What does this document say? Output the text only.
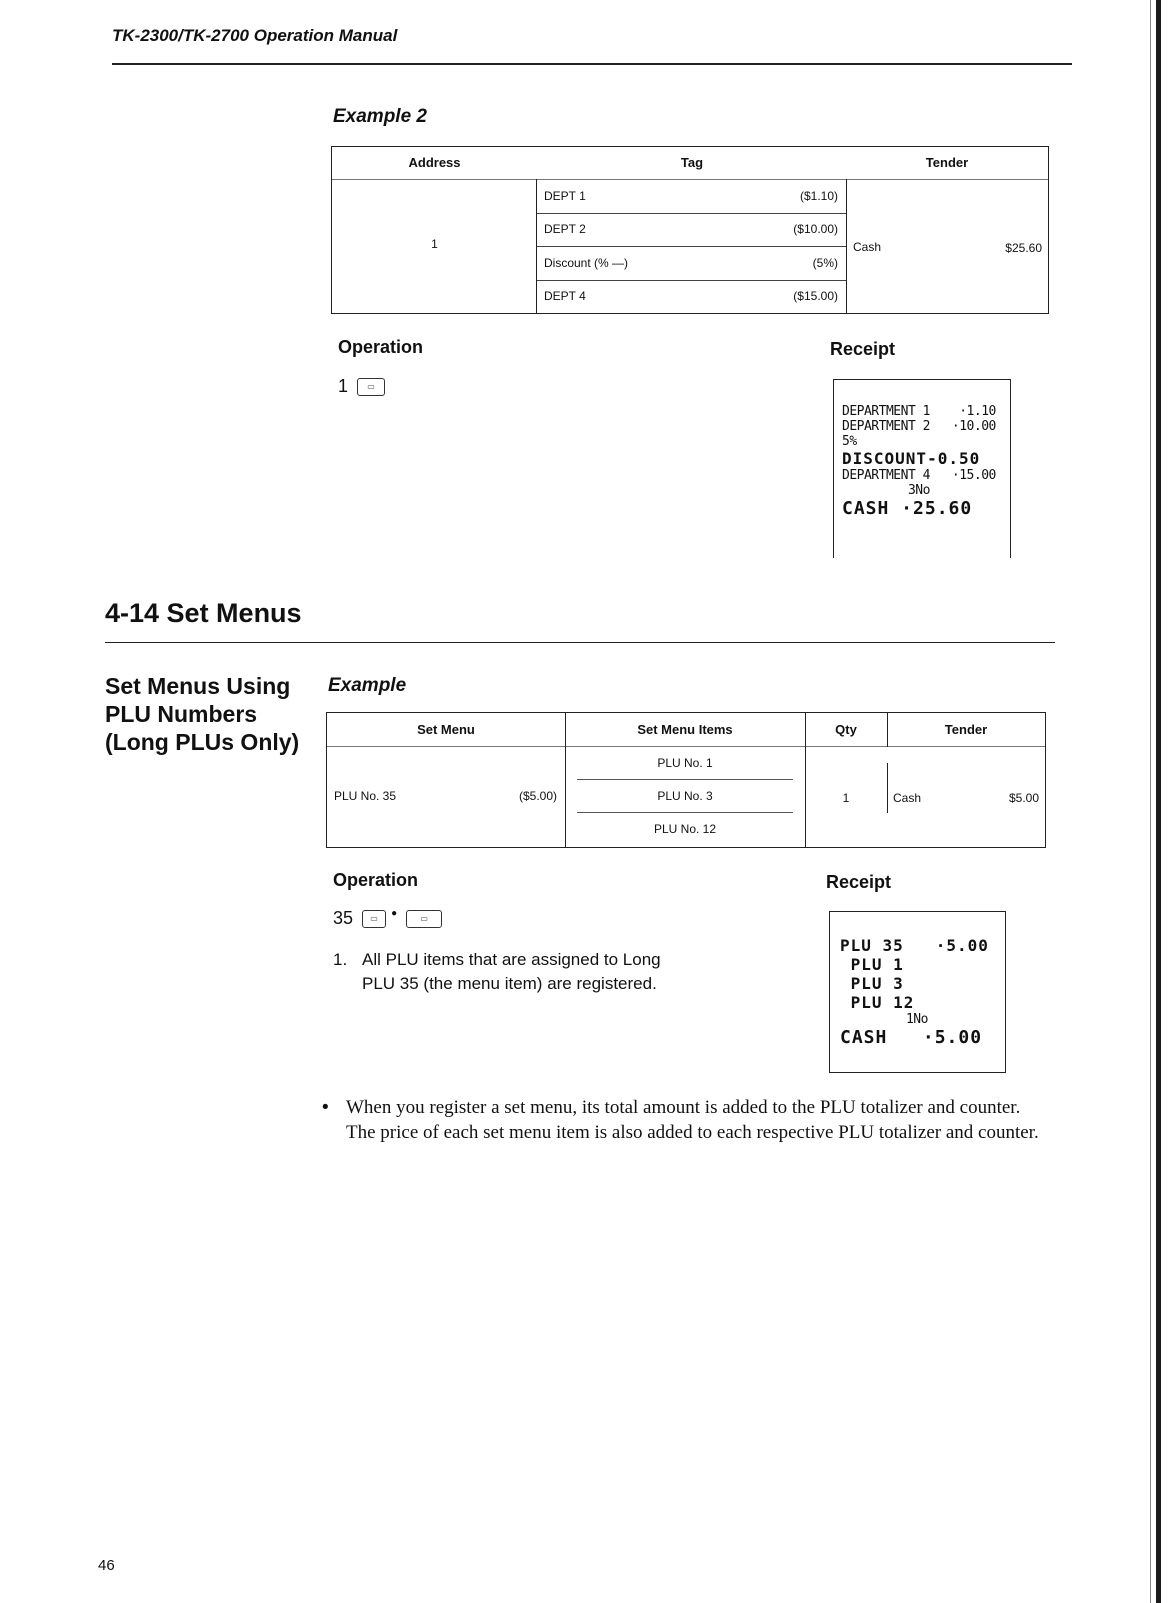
TK-2300/TK-2700 Operation Manual
Example 2
Address	Tag	Tender
1
DEPT 1	($1.10)
DEPT 2	($10.00)
Discount (% —)	(5%)
DEPT 4	($15.00)
Cash	$25.60
Operation
1 ▭
Receipt
DEPARTMENT 1    ·1.10
DEPARTMENT 2   ·10.00
5%
DISCOUNT-0.50
DEPARTMENT 4   ·15.00
3No
CASH ·25.60
4-14 Set Menus
Set Menus Using
PLU Numbers
(Long PLUs Only)
Example
Set Menu	Set Menu Items	Qty	Tender
PLU No. 35	($5.00)
PLU No. 1
PLU No. 3
PLU No. 12
1	Cash	$5.00
Operation
35 ▭ ●	▭
1. All PLU items that are assigned to Long
PLU 35 (the menu item) are registered.
Receipt
PLU 35   ·5.00
PLU 1
PLU 3
PLU 12
1No
CASH   ·5.00
• When you register a set menu, its total amount is added to the PLU totalizer and counter. The price of each set menu item is also added to each respective PLU totalizer and counter.
46
